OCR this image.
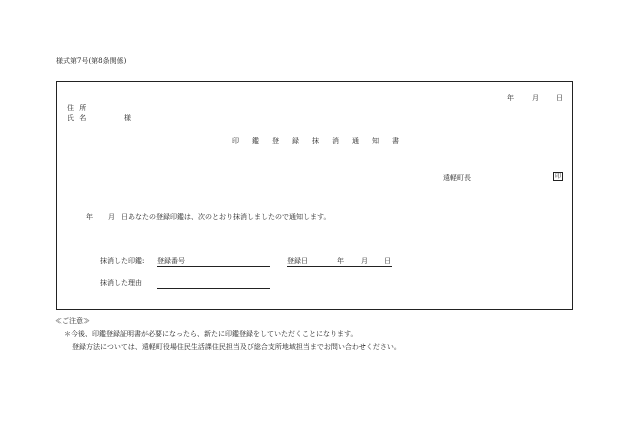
様式第7号(第8条関係)
年	月 日
住 所
氏 名	様
印 鑑 登 録 抹 消 通 知 書
遠軽町長	印
年 月 日あなたの登録印鑑は、次のとおり抹消しましたので通知します。
抹消した印鑑: 登録番号	登録日	年 月 日
抹消した理由
≪ご注意≫
＊今後、印鑑登録証明書が必要になったら、新たに印鑑登録をしていただくことになります。
登録方法については、遠軽町役場住民生活課住民担当及び総合支所地域担当までお問い合わせください。
